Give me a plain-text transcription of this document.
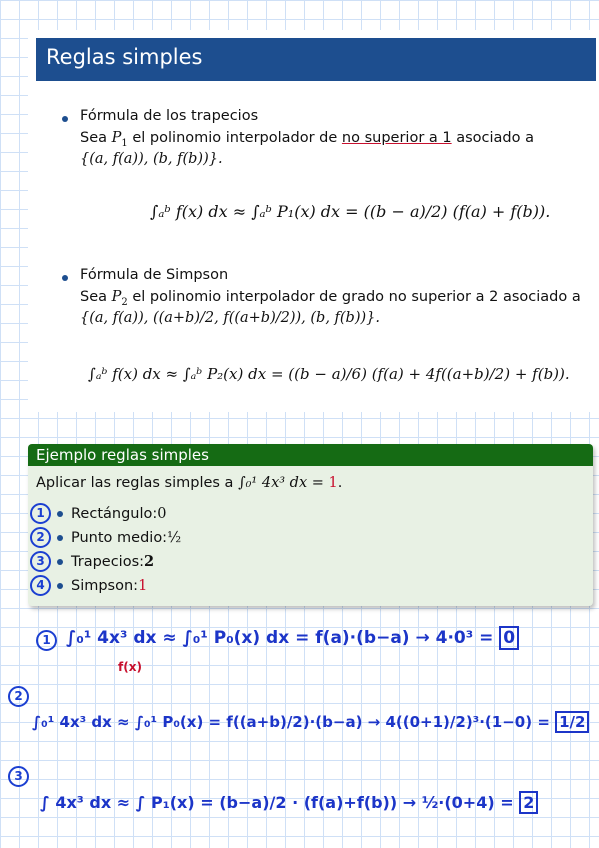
Reglas simples
Fórmula de los trapecios
Sea $P_1$ el polinomio interpolador de no superior a 1 asociado a
{(a, f(a)), (b, f(b))}.
∫ₐᵇ f(x) dx ≈ ∫ₐᵇ P₁(x) dx = ((b − a)/2) (f(a) + f(b)).
Fórmula de Simpson
Sea $P_2$ el polinomio interpolador de grado no superior a 2 asociado a
{(a, f(a)), ((a+b)/2, f((a+b)/2)), (b, f(b))}.
∫ₐᵇ f(x) dx ≈ ∫ₐᵇ P₂(x) dx = ((b − a)/6) (f(a) + 4f((a+b)/2) + f(b)).
Ejemplo reglas simples
Aplicar las reglas simples a ∫₀¹ 4x³ dx = 1.
1	Rectángulo: 0
2	Punto medio: ½
3	Trapecios: 2
4	Simpson: 1
1 ∫₀¹ 4x³ dx ≈ ∫₀¹ P₀(x) dx = f(a)·(b−a) → 4·0³ = 0
f(x)
2
∫₀¹ 4x³ dx ≈ ∫₀¹ P₀(x) = f((a+b)/2)·(b−a) → 4((0+1)/2)³·(1−0) = 1/2
3
∫ 4x³ dx ≈ ∫ P₁(x) = (b−a)/2 · (f(a)+f(b)) → ½·(0+4) = 2
